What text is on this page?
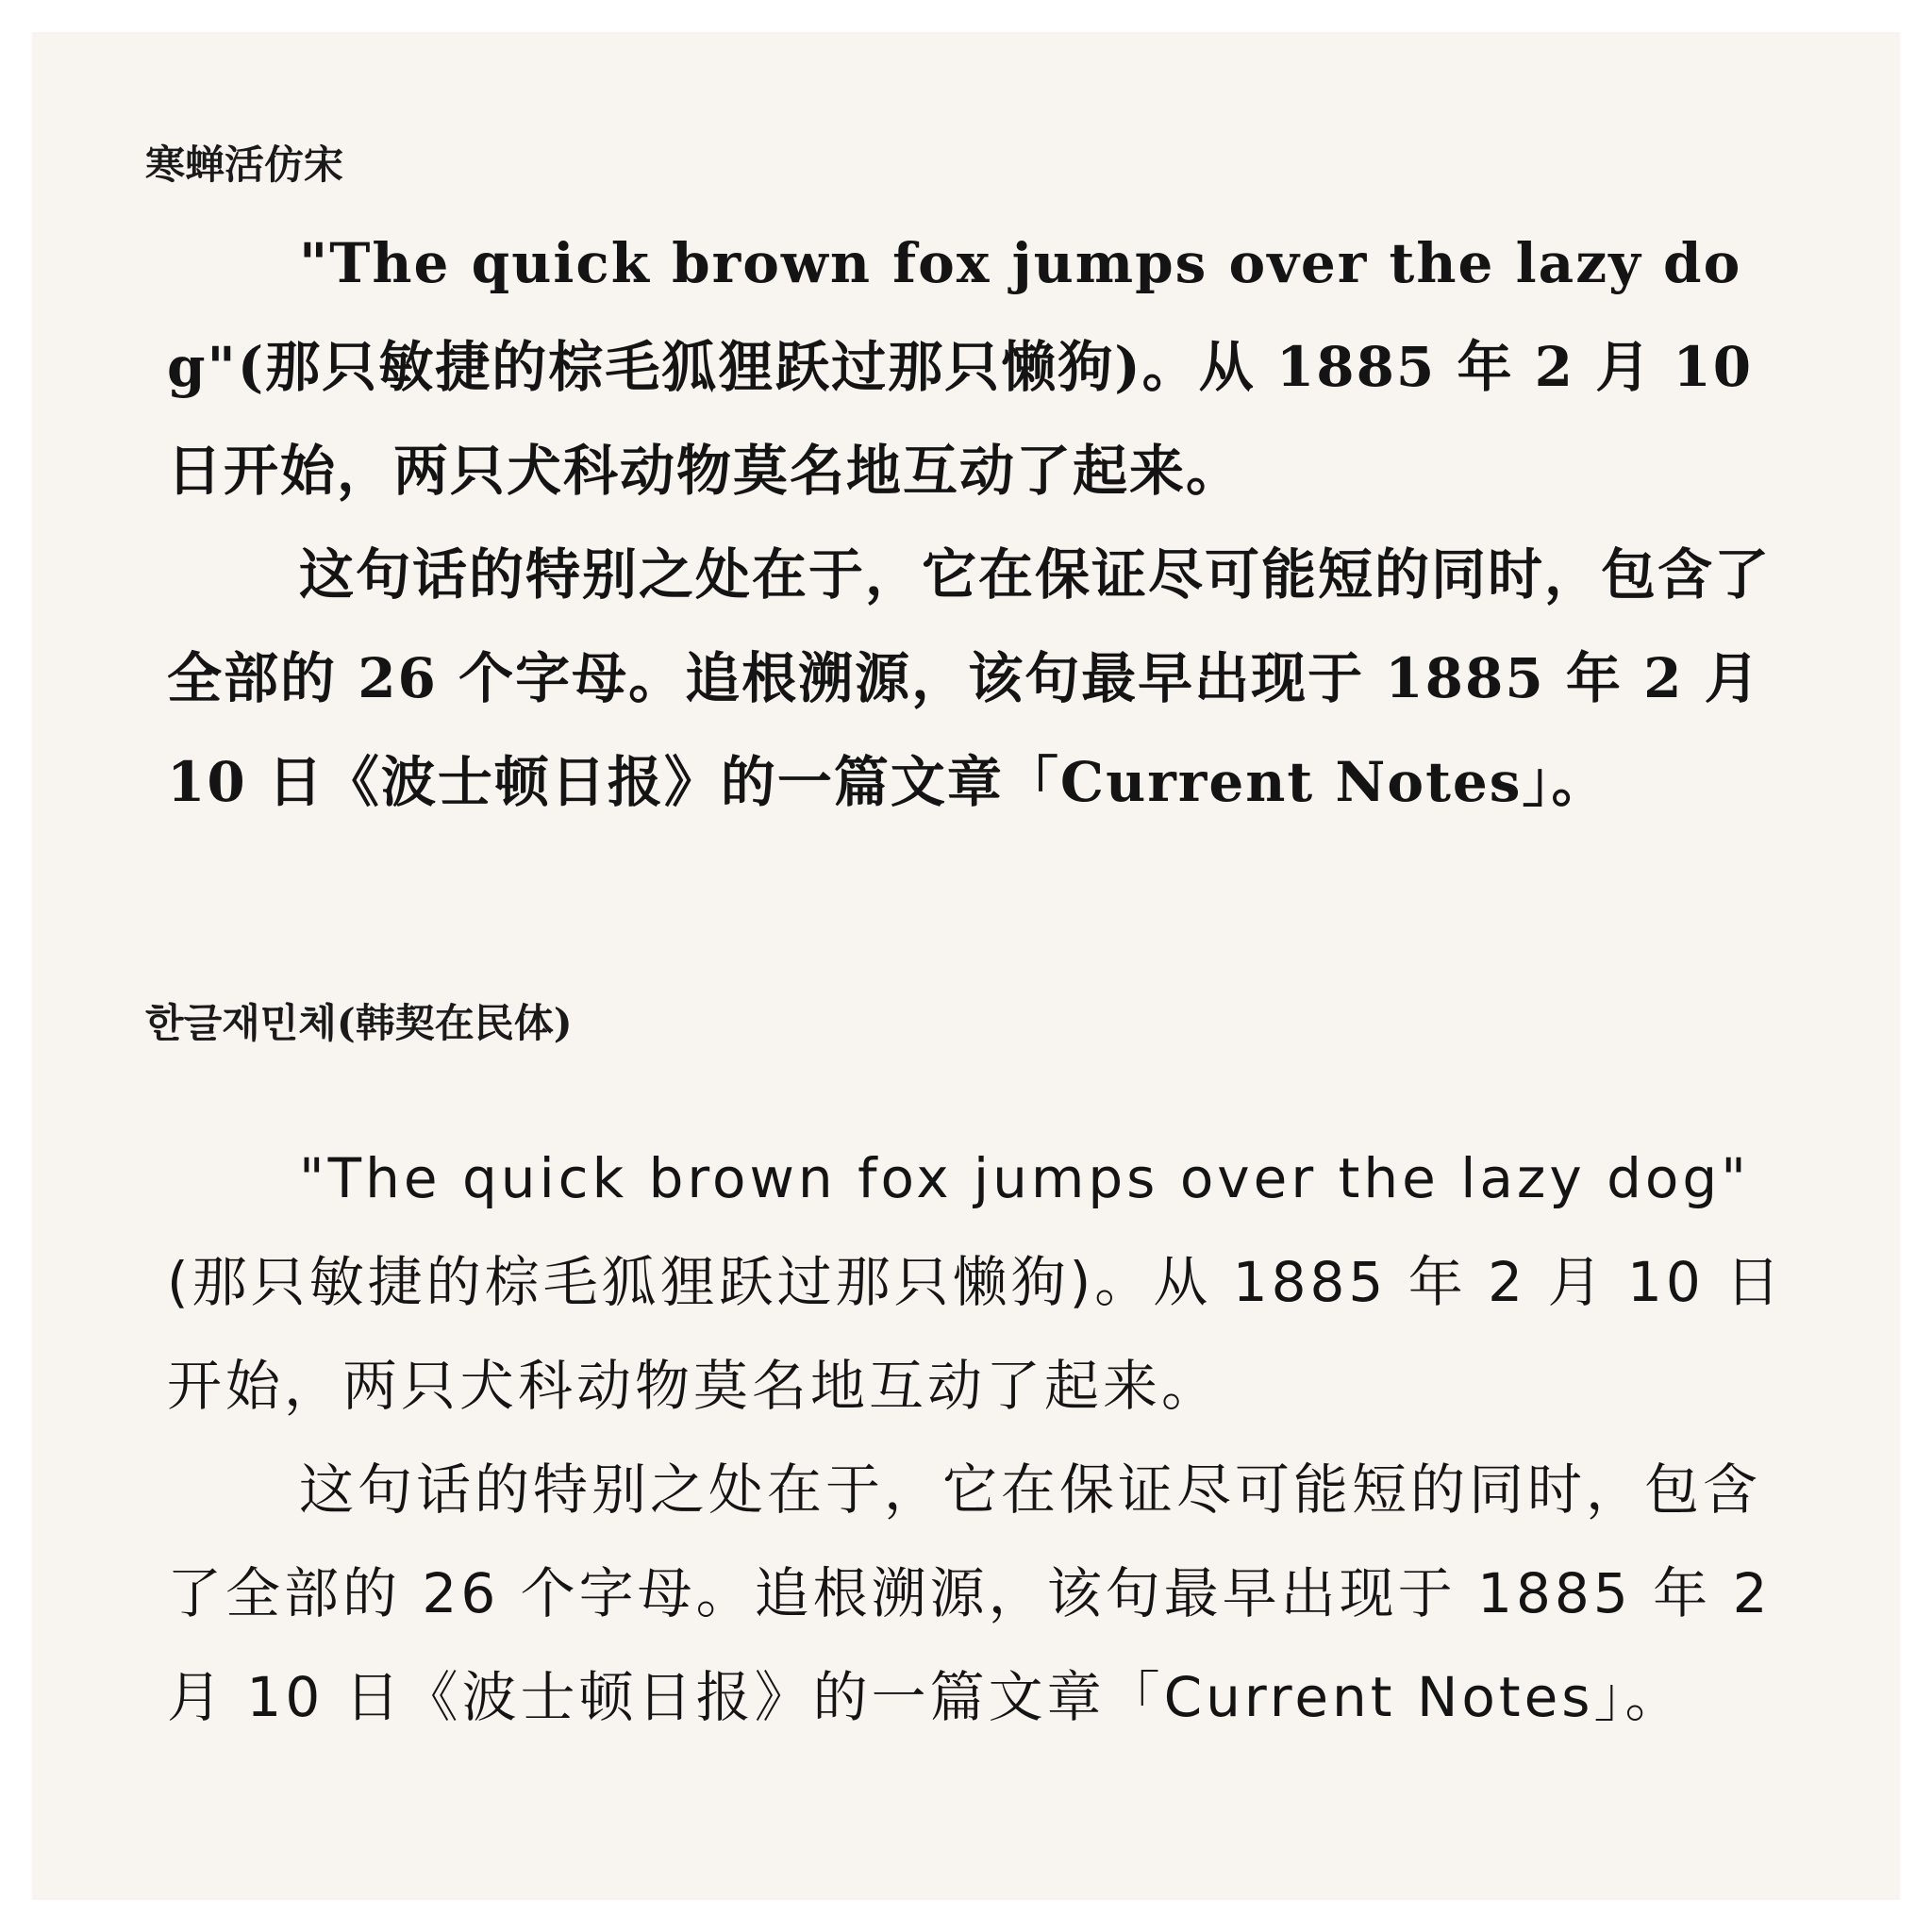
寒蝉活仿宋

"The quick brown fox jumps over the lazy dog"(那只敏捷的棕毛狐狸跃过那只懒狗)。从 1885 年 2 月 10 日开始，两只犬科动物莫名地互动了起来。

这句话的特别之处在于，它在保证尽可能短的同时，包含了全部的 26 个字母。追根溯源，该句最早出现于 1885 年 2 月 10 日《波士顿日报》的一篇文章「Current Notes」。

한글재민체(韩契在民体)

"The quick brown fox jumps over the lazy dog"(那只敏捷的棕毛狐狸跃过那只懒狗)。从 1885 年 2 月 10 日开始，两只犬科动物莫名地互动了起来。

这句话的特别之处在于，它在保证尽可能短的同时，包含了全部的 26 个字母。追根溯源，该句最早出现于 1885 年 2 月 10 日《波士顿日报》的一篇文章「Current Notes」。
